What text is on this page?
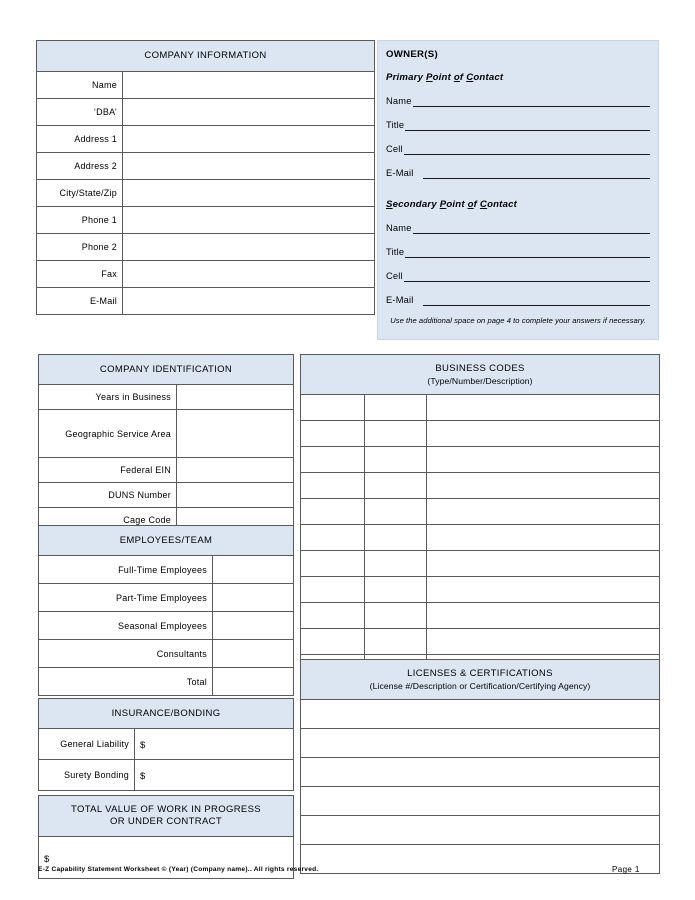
COMPANY INFORMATION	
Name	
‘DBA’	
Address 1	
Address 2	
City/State/Zip	
Phone 1	
Phone 2	
Fax	
E-Mail	
OWNER(S)
Primary Point of Contact
Name
Title
Cell
E-Mail
Secondary Point of Contact
Name
Title
Cell
E-Mail
Use the additional space on page 4 to complete your answers if necessary.
COMPANY IDENTIFICATION	
Years in Business	
Geographic Service Area	
Federal EIN	
DUNS Number	
Cage Code	
EMPLOYEES/TEAM	
Full-Time Employees	
Part-Time Employees	
Seasonal Employees	
Consultants	
Total	
INSURANCE/BONDING	
General Liability	$
Surety Bonding	$
TOTAL VALUE OF WORK IN PROGRESS
OR UNDER CONTRACT
$
BUSINESS CODES
(Type/Number/Description)		

LICENSES & CERTIFICATIONS
(License #/Description or Certification/Certifying Agency)

E-Z Capability Statement Worksheet © (Year) (Company name).. All rights reserved.	Page 1
